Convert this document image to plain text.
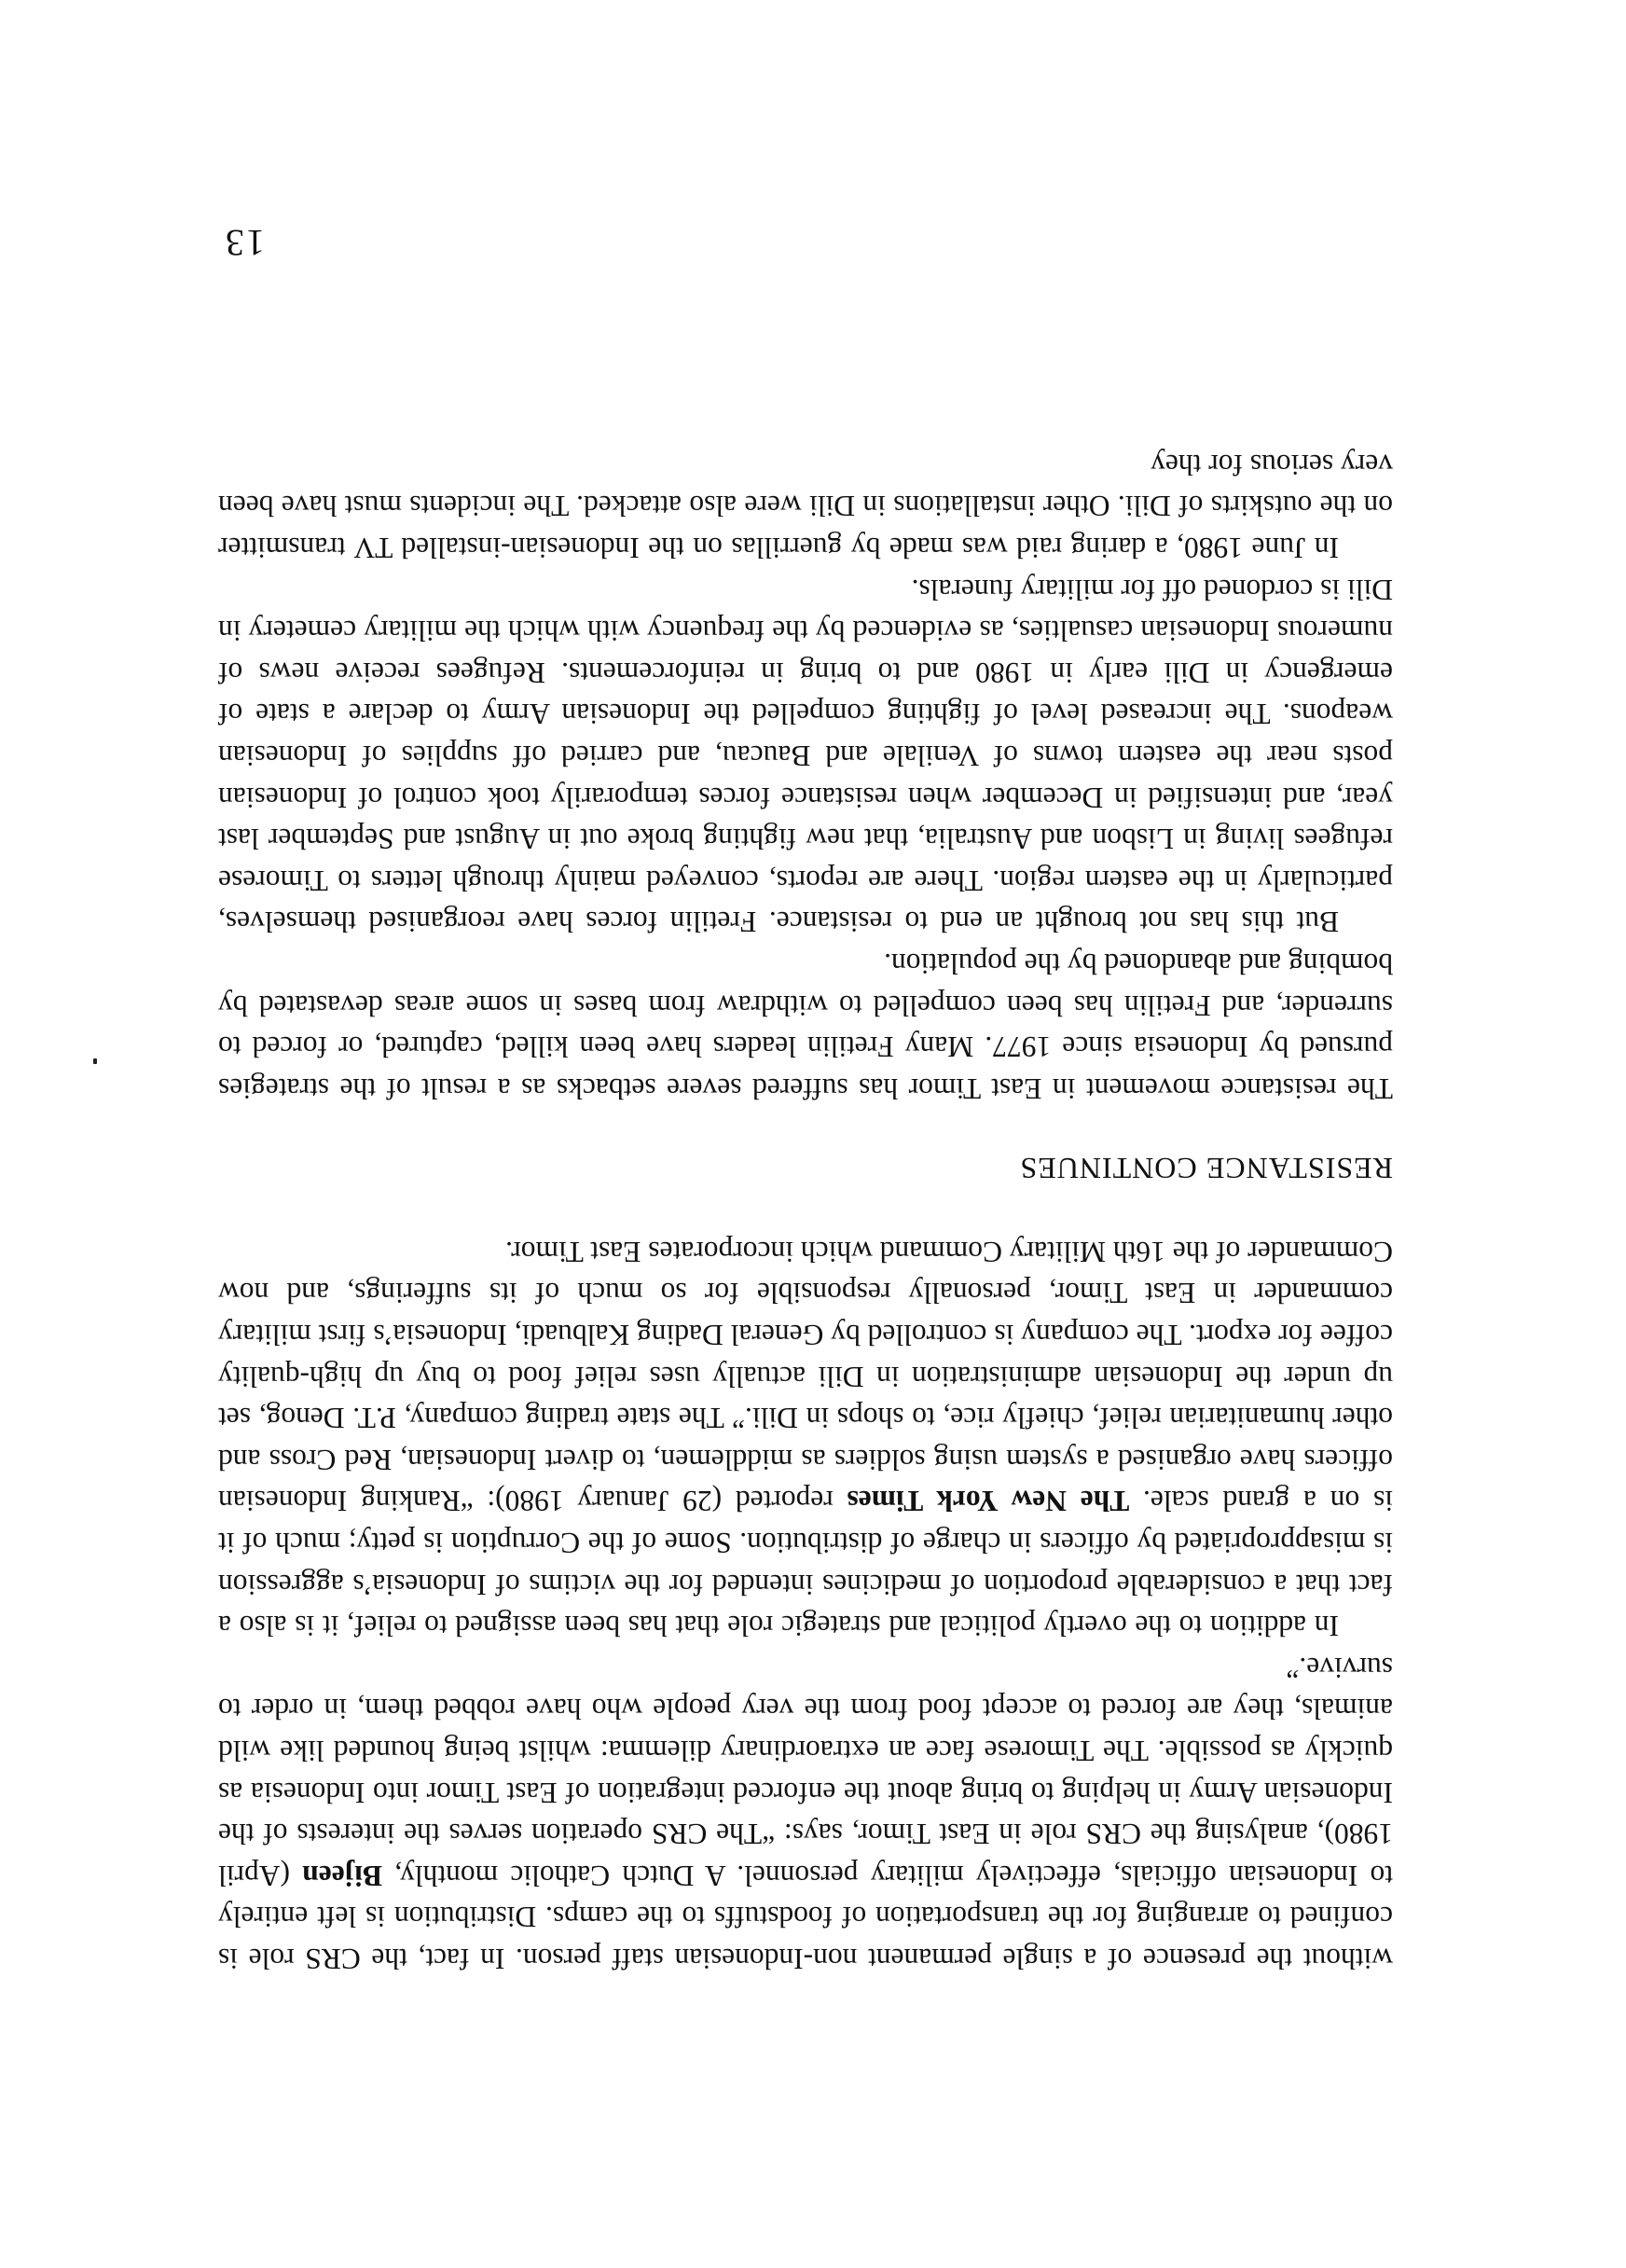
without the presence of a single permanent non-Indonesian staff person. In fact, the CRS role is confined to arranging for the transportation of foodstuffs to the camps. Distribution is left entirely to Indonesian officials, effectively military personnel. A Dutch Catholic monthly, Bijeen (April 1980), analysing the CRS role in East Timor, says: “The CRS operation serves the interests of the Indonesian Army in helping to bring about the enforced integration of East Timor into Indonesia as quickly as possible. The Timorese face an extraordinary dilemma: whilst being hounded like wild animals, they are forced to accept food from the very people who have robbed them, in order to survive.”

In addition to the overtly political and strategic role that has been assigned to relief, it is also a fact that a considerable proportion of medicines intended for the victims of Indonesia’s aggression is misappropriated by officers in charge of distribution. Some of the Corruption is petty; much of it is on a grand scale. The New York Times reported (29 January 1980): “Ranking Indonesian officers have organised a system using soldiers as middlemen, to divert Indonesian, Red Cross and other humanitarian relief, chiefly rice, to shops in Dili.” The state trading company, P.T. Denog, set up under the Indonesian administration in Dili actually uses relief food to buy up high-quality coffee for export. The company is controlled by General Dading Kalbuadi, Indonesia’s first military commander in East Timor, personally responsible for so much of its sufferings, and now Commander of the 16th Military Command which incorporates East Timor.

RESISTANCE CONTINUES

The resistance movement in East Timor has suffered severe setbacks as a result of the strategies pursued by Indonesia since 1977. Many Fretilin leaders have been killed, captured, or forced to surrender, and Fretilin has been compelled to withdraw from bases in some areas devastated by bombing and abandoned by the population.

But this has not brought an end to resistance. Fretilin forces have reorganised themselves, particularly in the eastern region. There are reports, conveyed mainly through letters to Timorese refugees living in Lisbon and Australia, that new fighting broke out in August and September last year, and intensified in December when resistance forces temporarily took control of Indonesian posts near the eastern towns of Venilale and Baucau, and carried off supplies of Indonesian weapons. The increased level of fighting compelled the Indonesian Army to declare a state of emergency in Dili early in 1980 and to bring in reinforcements. Refugees receive news of numerous Indonesian casualties, as evidenced by the frequency with which the military cemetery in Dili is cordoned off for military funerals.

In June 1980, a daring raid was made by guerrillas on the Indonesian-installed TV transmitter on the outskirts of Dili. Other installations in Dili were also attacked. The incidents must have been very serious for they

13
